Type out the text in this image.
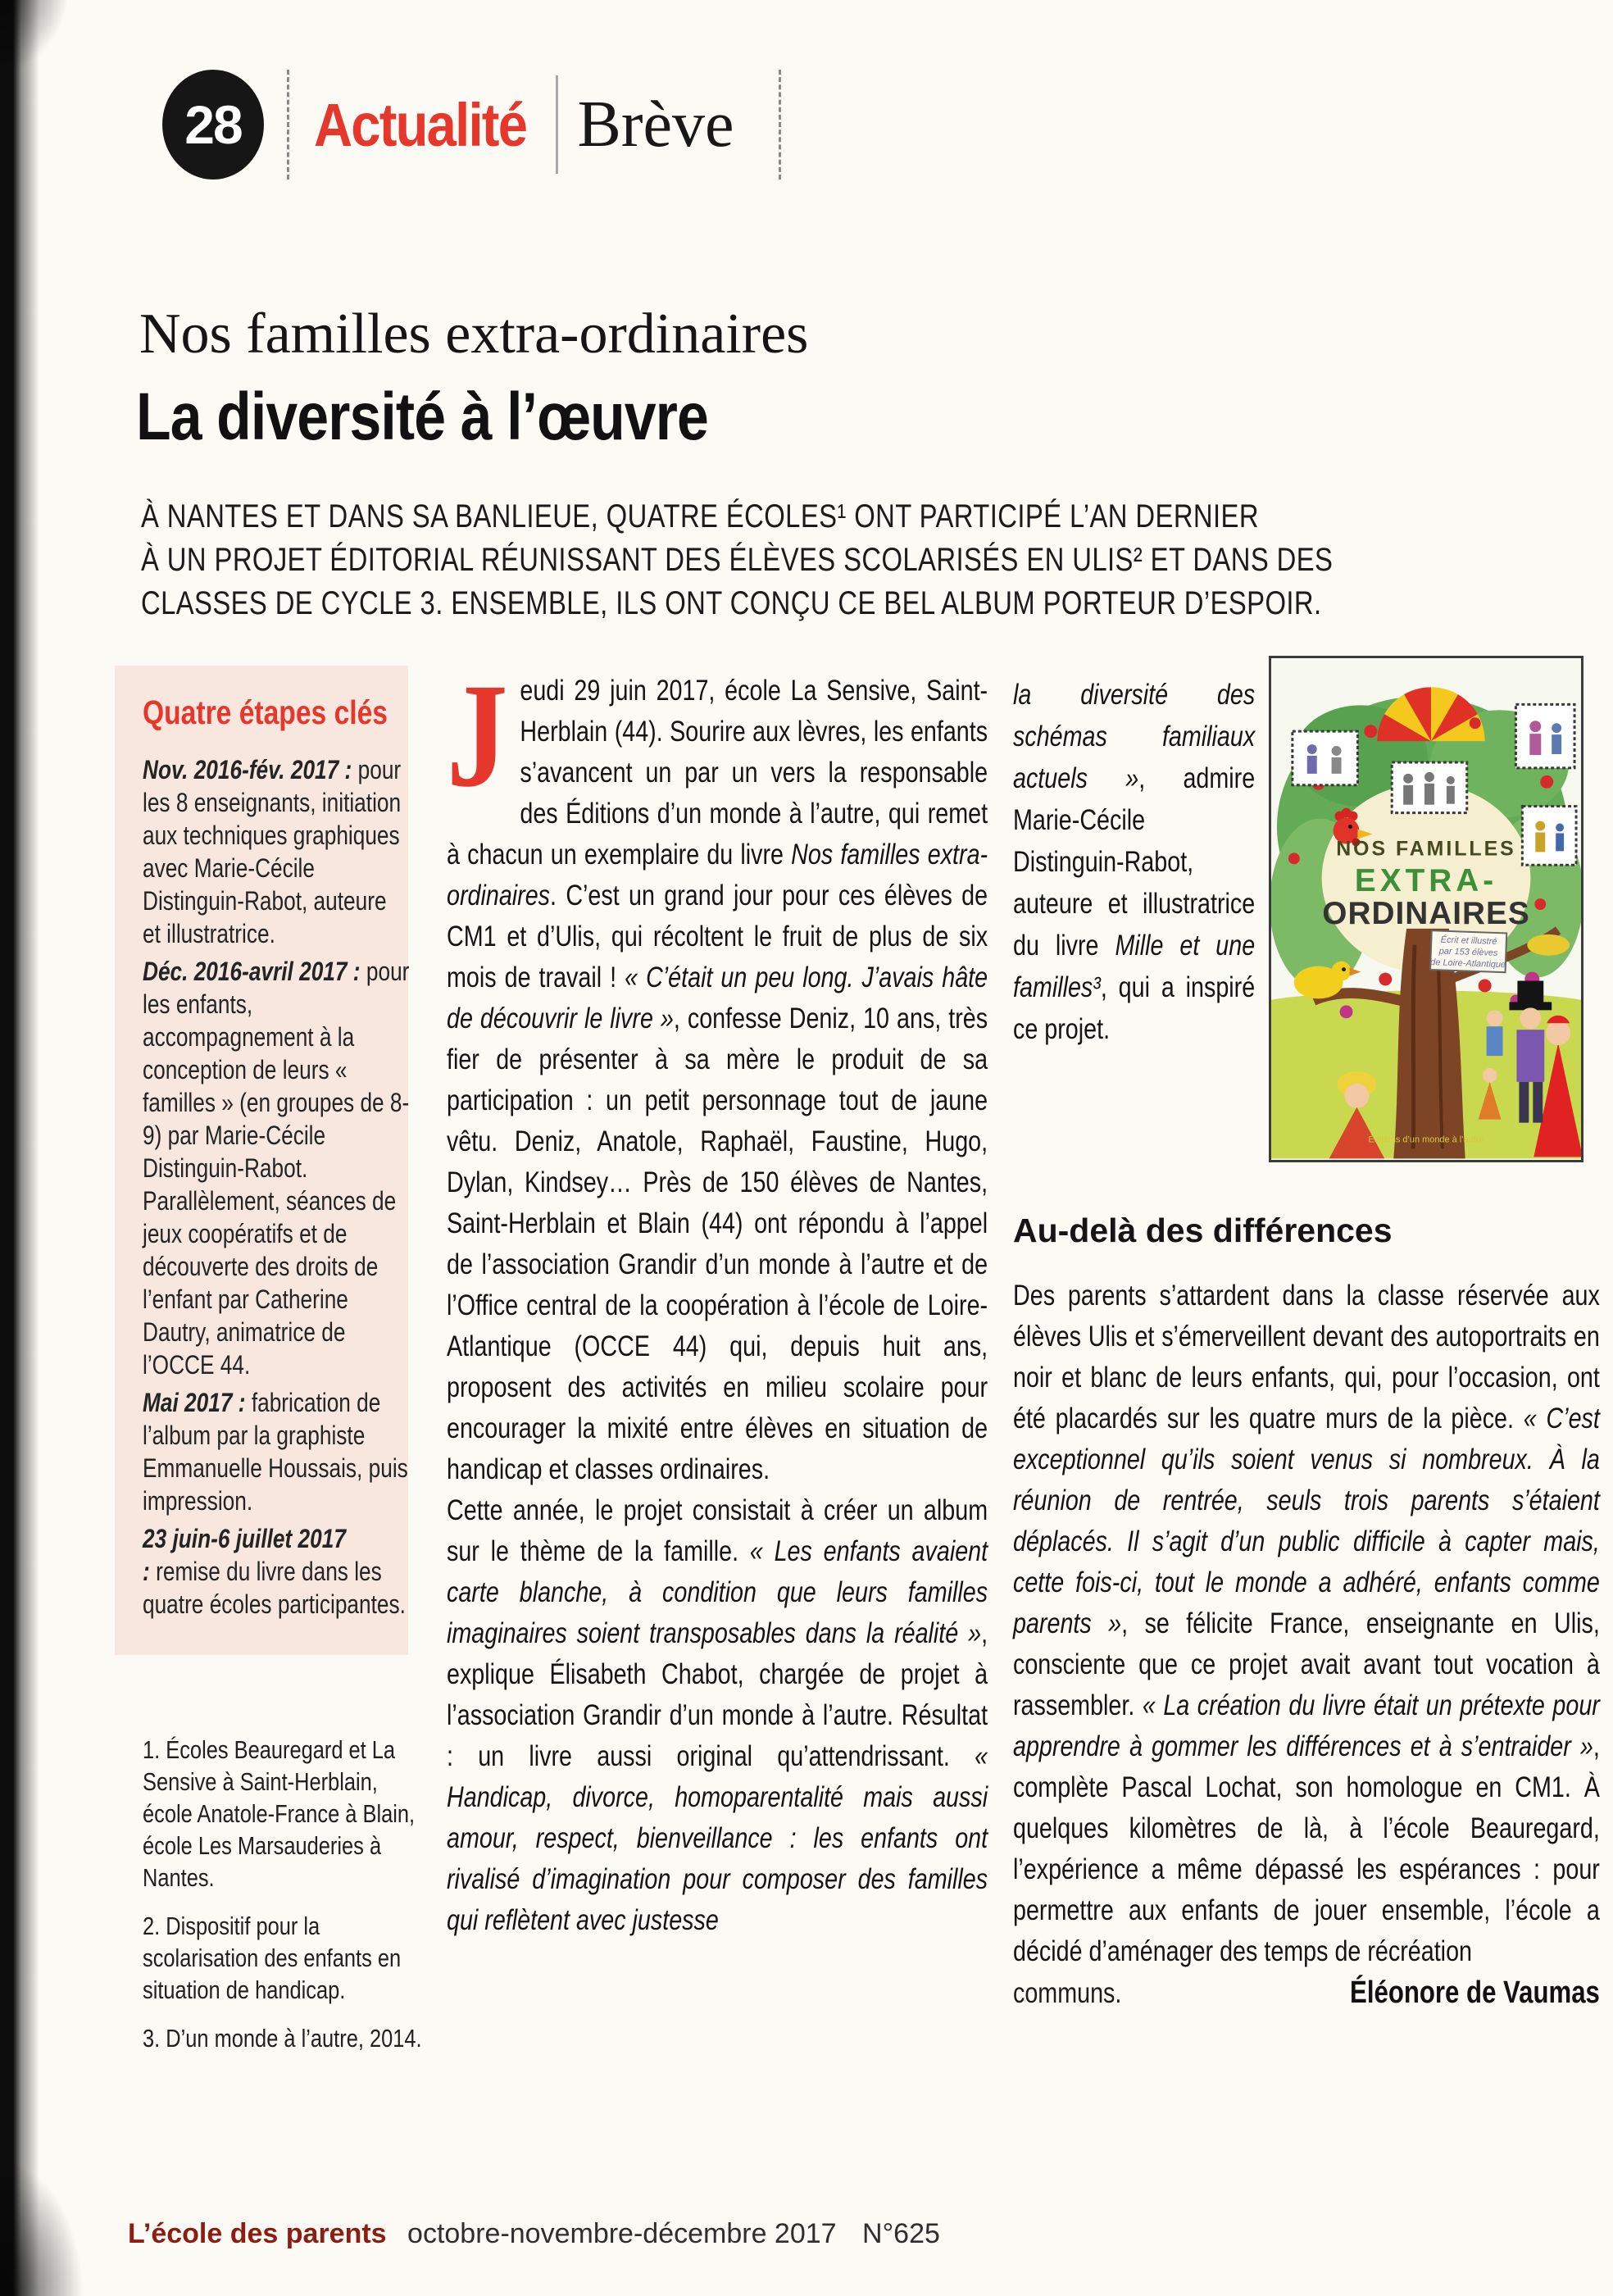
28 Actualité Brève
Nos familles extra-ordinaires
La diversité à l’œuvre
À NANTES ET DANS SA BANLIEUE, QUATRE ÉCOLES¹ ONT PARTICIPÉ L’AN DERNIER
À UN PROJET ÉDITORIAL RÉUNISSANT DES ÉLÈVES SCOLARISÉS EN ULIS² ET DANS DES
CLASSES DE CYCLE 3. ENSEMBLE, ILS ONT CONÇU CE BEL ALBUM PORTEUR D’ESPOIR.
Quatre étapes clés

Nov. 2016-fév. 2017 : pour les 8 enseignants, initiation aux techniques graphiques avec Marie-Cécile Distinguin-Rabot, auteure et illustratrice.

Déc. 2016-avril 2017 : pour les enfants, accompagnement à la conception de leurs « familles » (en groupes de 8-9) par Marie-Cécile Distinguin-Rabot. Parallèlement, séances de jeux coopératifs et de découverte des droits de l’enfant par Catherine Dautry, animatrice de l’OCCE 44.

Mai 2017 : fabrication de l’album par la graphiste Emmanuelle Houssais, puis impression.

23 juin-6 juillet 2017 : remise du livre dans les quatre écoles participantes.

1. Écoles Beauregard et La Sensive à Saint-Herblain, école Anatole-France à Blain, école Les Marsauderies à Nantes.

2. Dispositif pour la scolarisation des enfants en situation de handicap.

3. D’un monde à l’autre, 2014.

Jeudi 29 juin 2017, école La Sensive, Saint-Herblain (44). Sourire aux lèvres, les enfants s’avancent un par un vers la responsable des Éditions d’un monde à l’autre, qui remet à chacun un exemplaire du livre Nos familles extra-ordinaires. C’est un grand jour pour ces élèves de CM1 et d’Ulis, qui récoltent le fruit de plus de six mois de travail ! « C’était un peu long. J’avais hâte de découvrir le livre », confesse Deniz, 10 ans, très fier de présenter à sa mère le produit de sa participation : un petit personnage tout de jaune vêtu. Deniz, Anatole, Raphaël, Faustine, Hugo, Dylan, Kindsey… Près de 150 élèves de Nantes, Saint-Herblain et Blain (44) ont répondu à l’appel de l’association Grandir d’un monde à l’autre et de l’Office central de la coopération à l’école de Loire-Atlantique (OCCE 44) qui, depuis huit ans, proposent des activités en milieu scolaire pour encourager la mixité entre élèves en situation de handicap et classes ordinaires.

Cette année, le projet consistait à créer un album sur le thème de la famille. « Les enfants avaient carte blanche, à condition que leurs familles imaginaires soient transposables dans la réalité », explique Élisabeth Chabot, chargée de projet à l’association Grandir d’un monde à l’autre. Résultat : un livre aussi original qu’attendrissant. « Handicap, divorce, homoparentalité mais aussi amour, respect, bienveillance : les enfants ont rivalisé d’imagination pour composer des familles qui reflètent avec justesse

la diversité des schémas familiaux actuels », admire Marie-Cécile Distinguin-Rabot, auteure et illustratrice du livre Mille et une familles³, qui a inspiré ce projet.
NOS FAMILLES
EXTRA-
ORDINAIRES
Écrit et illustré
par 153 élèves
de Loire-Atlantique
Éditions d’un monde à l’autre
Au-delà des différences

Des parents s’attardent dans la classe réservée aux élèves Ulis et s’émerveillent devant des autoportraits en noir et blanc de leurs enfants, qui, pour l’occasion, ont été placardés sur les quatre murs de la pièce. « C’est exceptionnel qu’ils soient venus si nombreux. À la réunion de rentrée, seuls trois parents s’étaient déplacés. Il s’agit d’un public difficile à capter mais, cette fois-ci, tout le monde a adhéré, enfants comme parents », se félicite France, enseignante en Ulis, consciente que ce projet avait avant tout vocation à rassembler. « La création du livre était un prétexte pour apprendre à gommer les différences et à s’entraider », complète Pascal Lochat, son homologue en CM1. À quelques kilomètres de là, à l’école Beauregard, l’expérience a même dépassé les espérances : pour permettre aux enfants de jouer ensemble, l’école a décidé d’aménager des temps de récréation

communs.	Éléonore de Vaumas
L’école des parents octobre-novembre-décembre 2017 N°625
